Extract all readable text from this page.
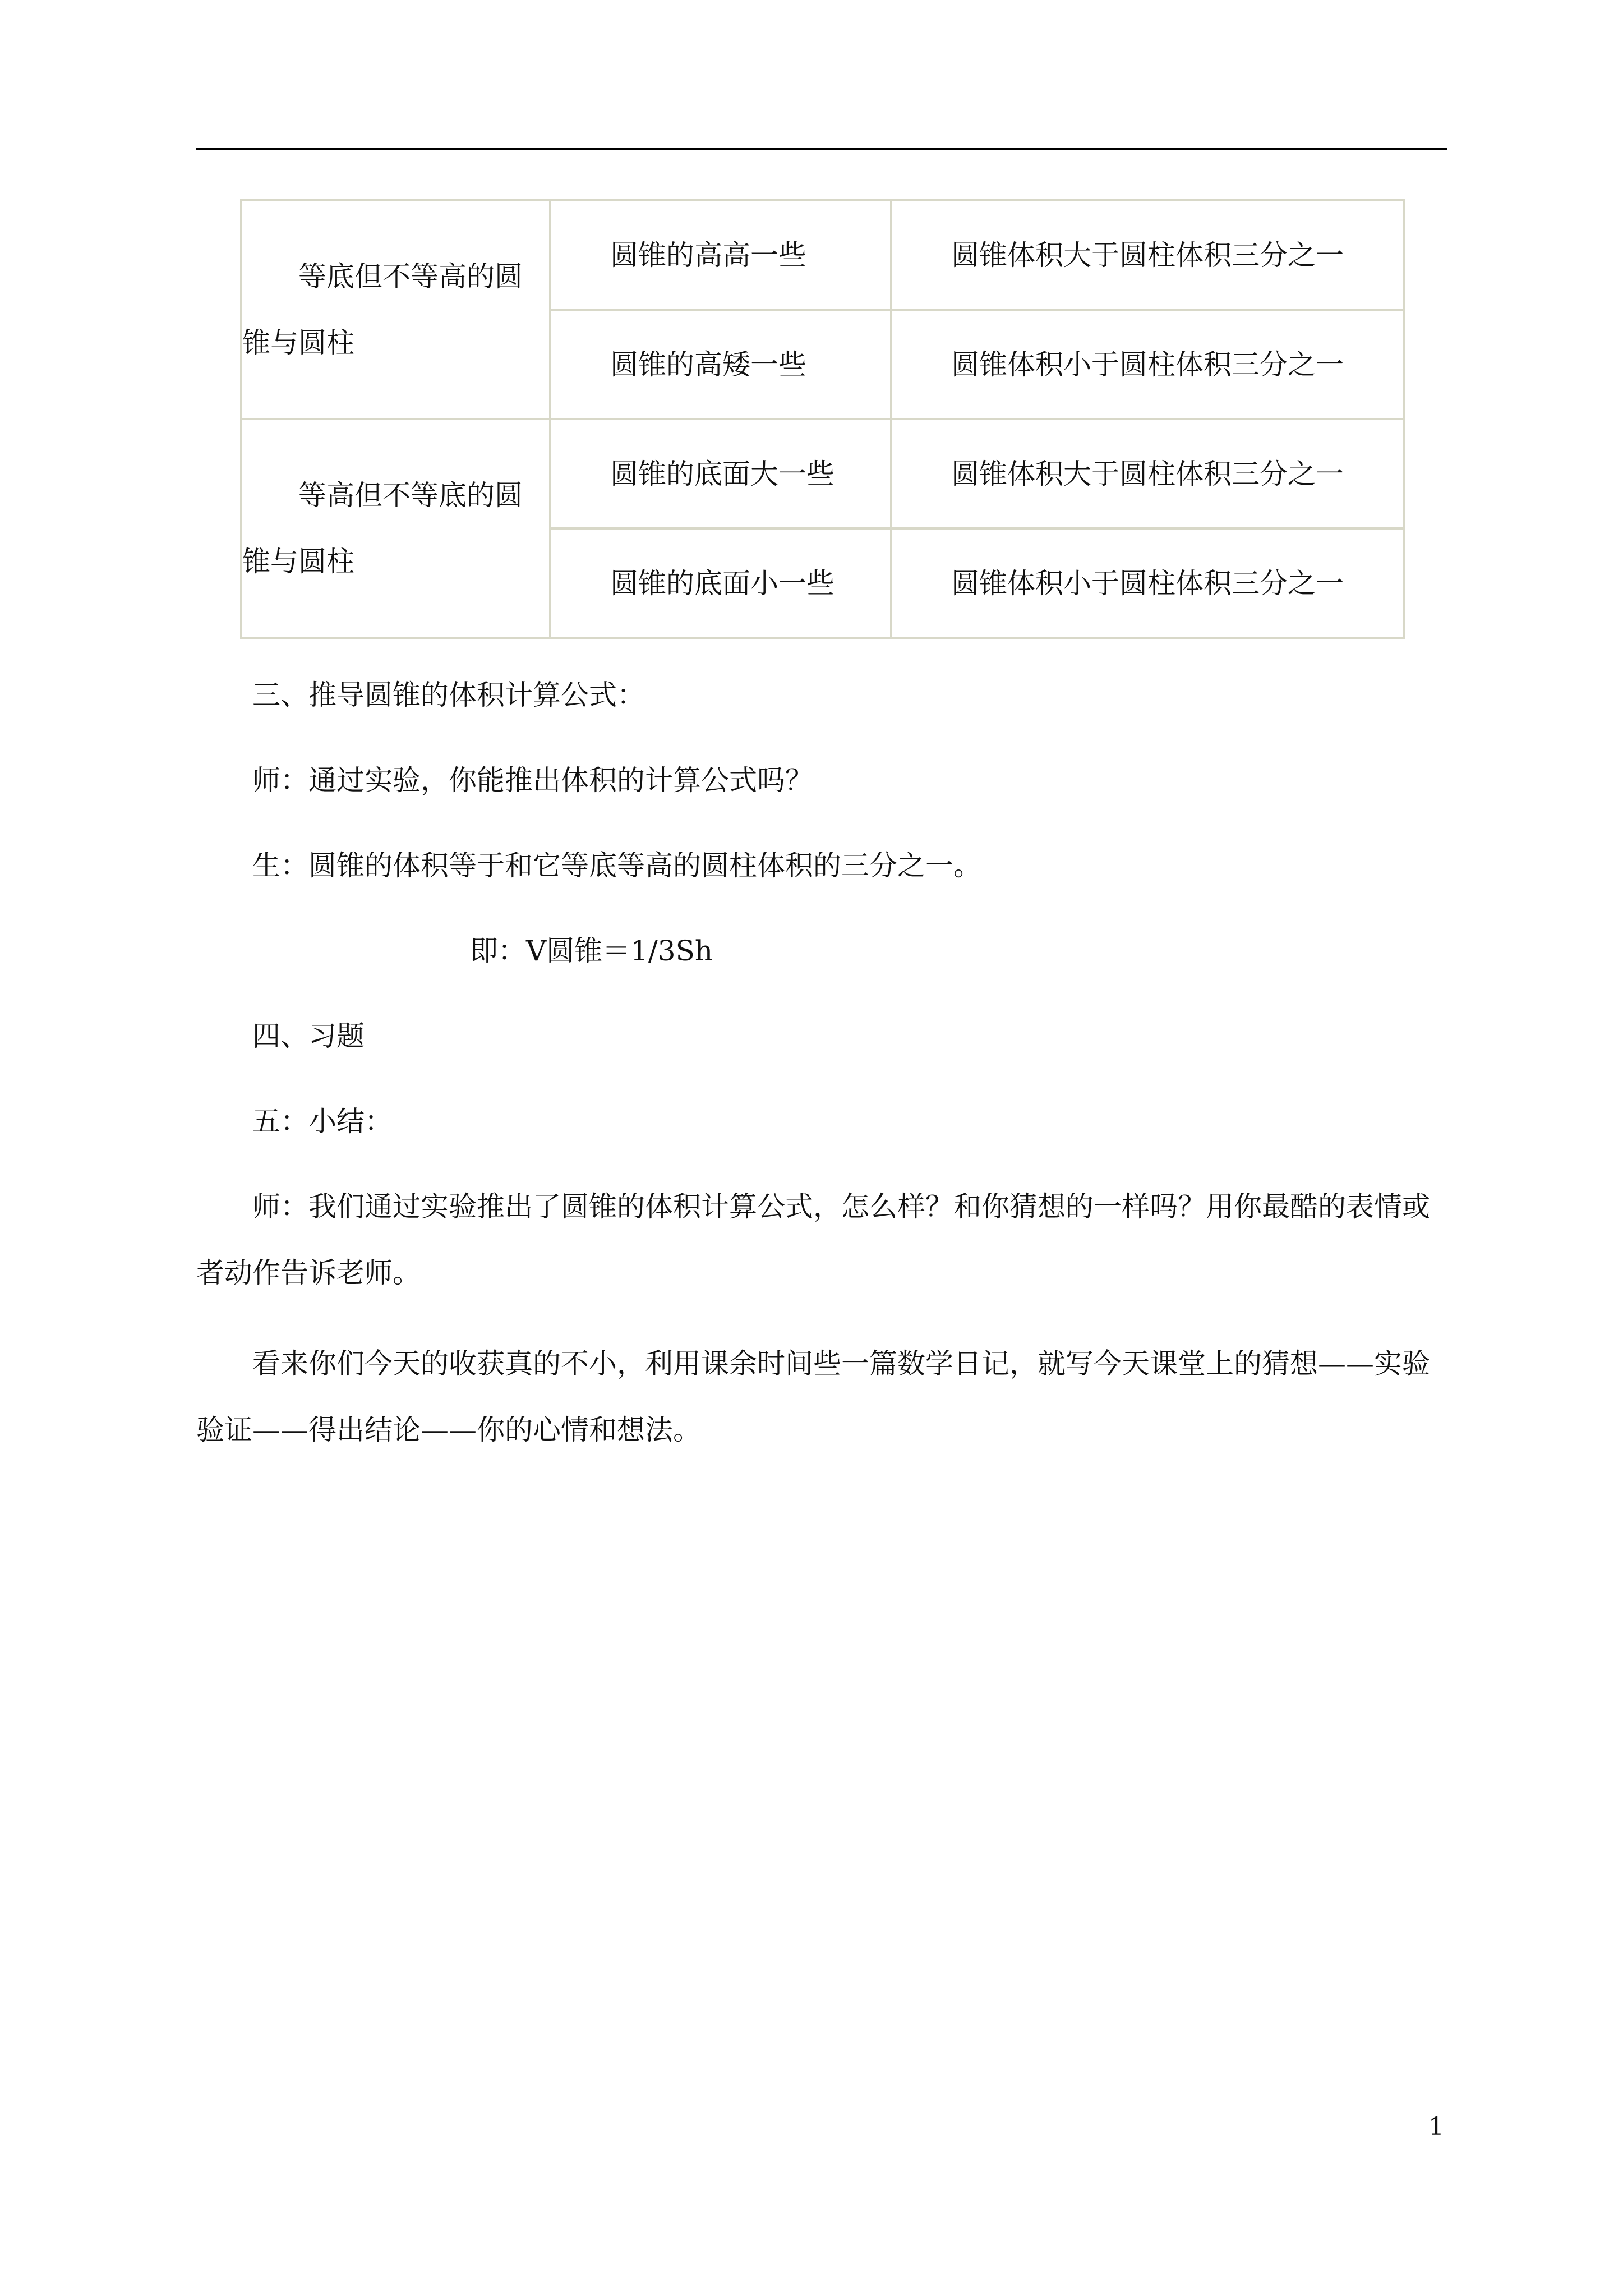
等底但不等高的圆锥与圆柱	圆锥的高高一些	圆锥体积大于圆柱体积三分之一
	圆锥的高矮一些	圆锥体积小于圆柱体积三分之一

等高但不等底的圆锥与圆柱	圆锥的底面大一些	圆锥体积大于圆柱体积三分之一
	圆锥的底面小一些	圆锥体积小于圆柱体积三分之一

三、推导圆锥的体积计算公式：

师：通过实验，你能推出体积的计算公式吗？

生：圆锥的体积等于和它等底等高的圆柱体积的三分之一。

即：V圆锥＝1/3Sh

四、习题

五：小结：

师：我们通过实验推出了圆锥的体积计算公式，怎么样？和你猜想的一样吗？用你最酷的表情或者动作告诉老师。

看来你们今天的收获真的不小，利用课余时间些一篇数学日记，就写今天课堂上的猜想——实验验证——得出结论——你的心情和想法。

1
